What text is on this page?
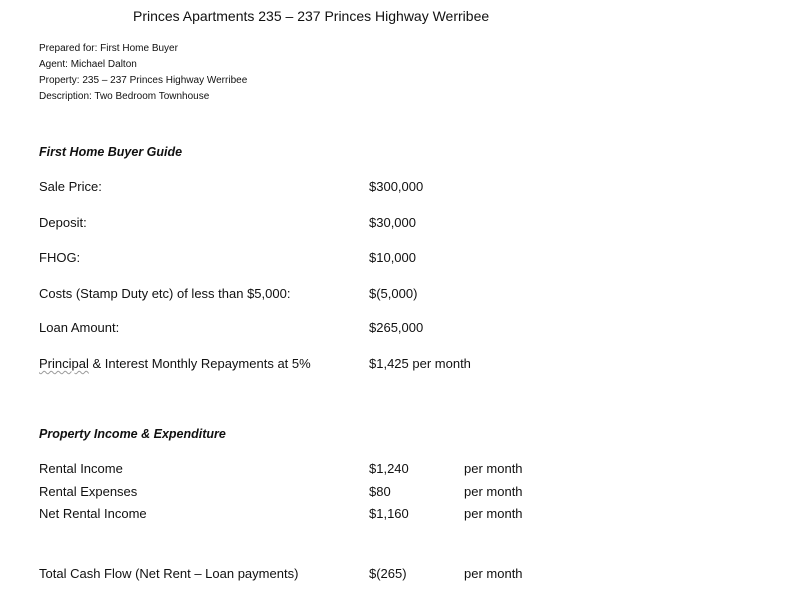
Princes Apartments 235 – 237 Princes Highway Werribee
Prepared for: First Home Buyer
Agent: Michael Dalton
Property: 235 – 237 Princes Highway Werribee
Description: Two Bedroom Townhouse
First Home Buyer Guide
Sale Price:	$300,000
Deposit:	$30,000
FHOG:	$10,000
Costs (Stamp Duty etc) of less than $5,000:	$(5,000)
Loan Amount:	$265,000
Principal & Interest Monthly Repayments at 5%	$1,425 per month
Property Income & Expenditure
Rental Income	$1,240	per month
Rental Expenses	$80	per month
Net Rental Income	$1,160	per month
Total Cash Flow (Net Rent – Loan payments)	$(265)	per month
